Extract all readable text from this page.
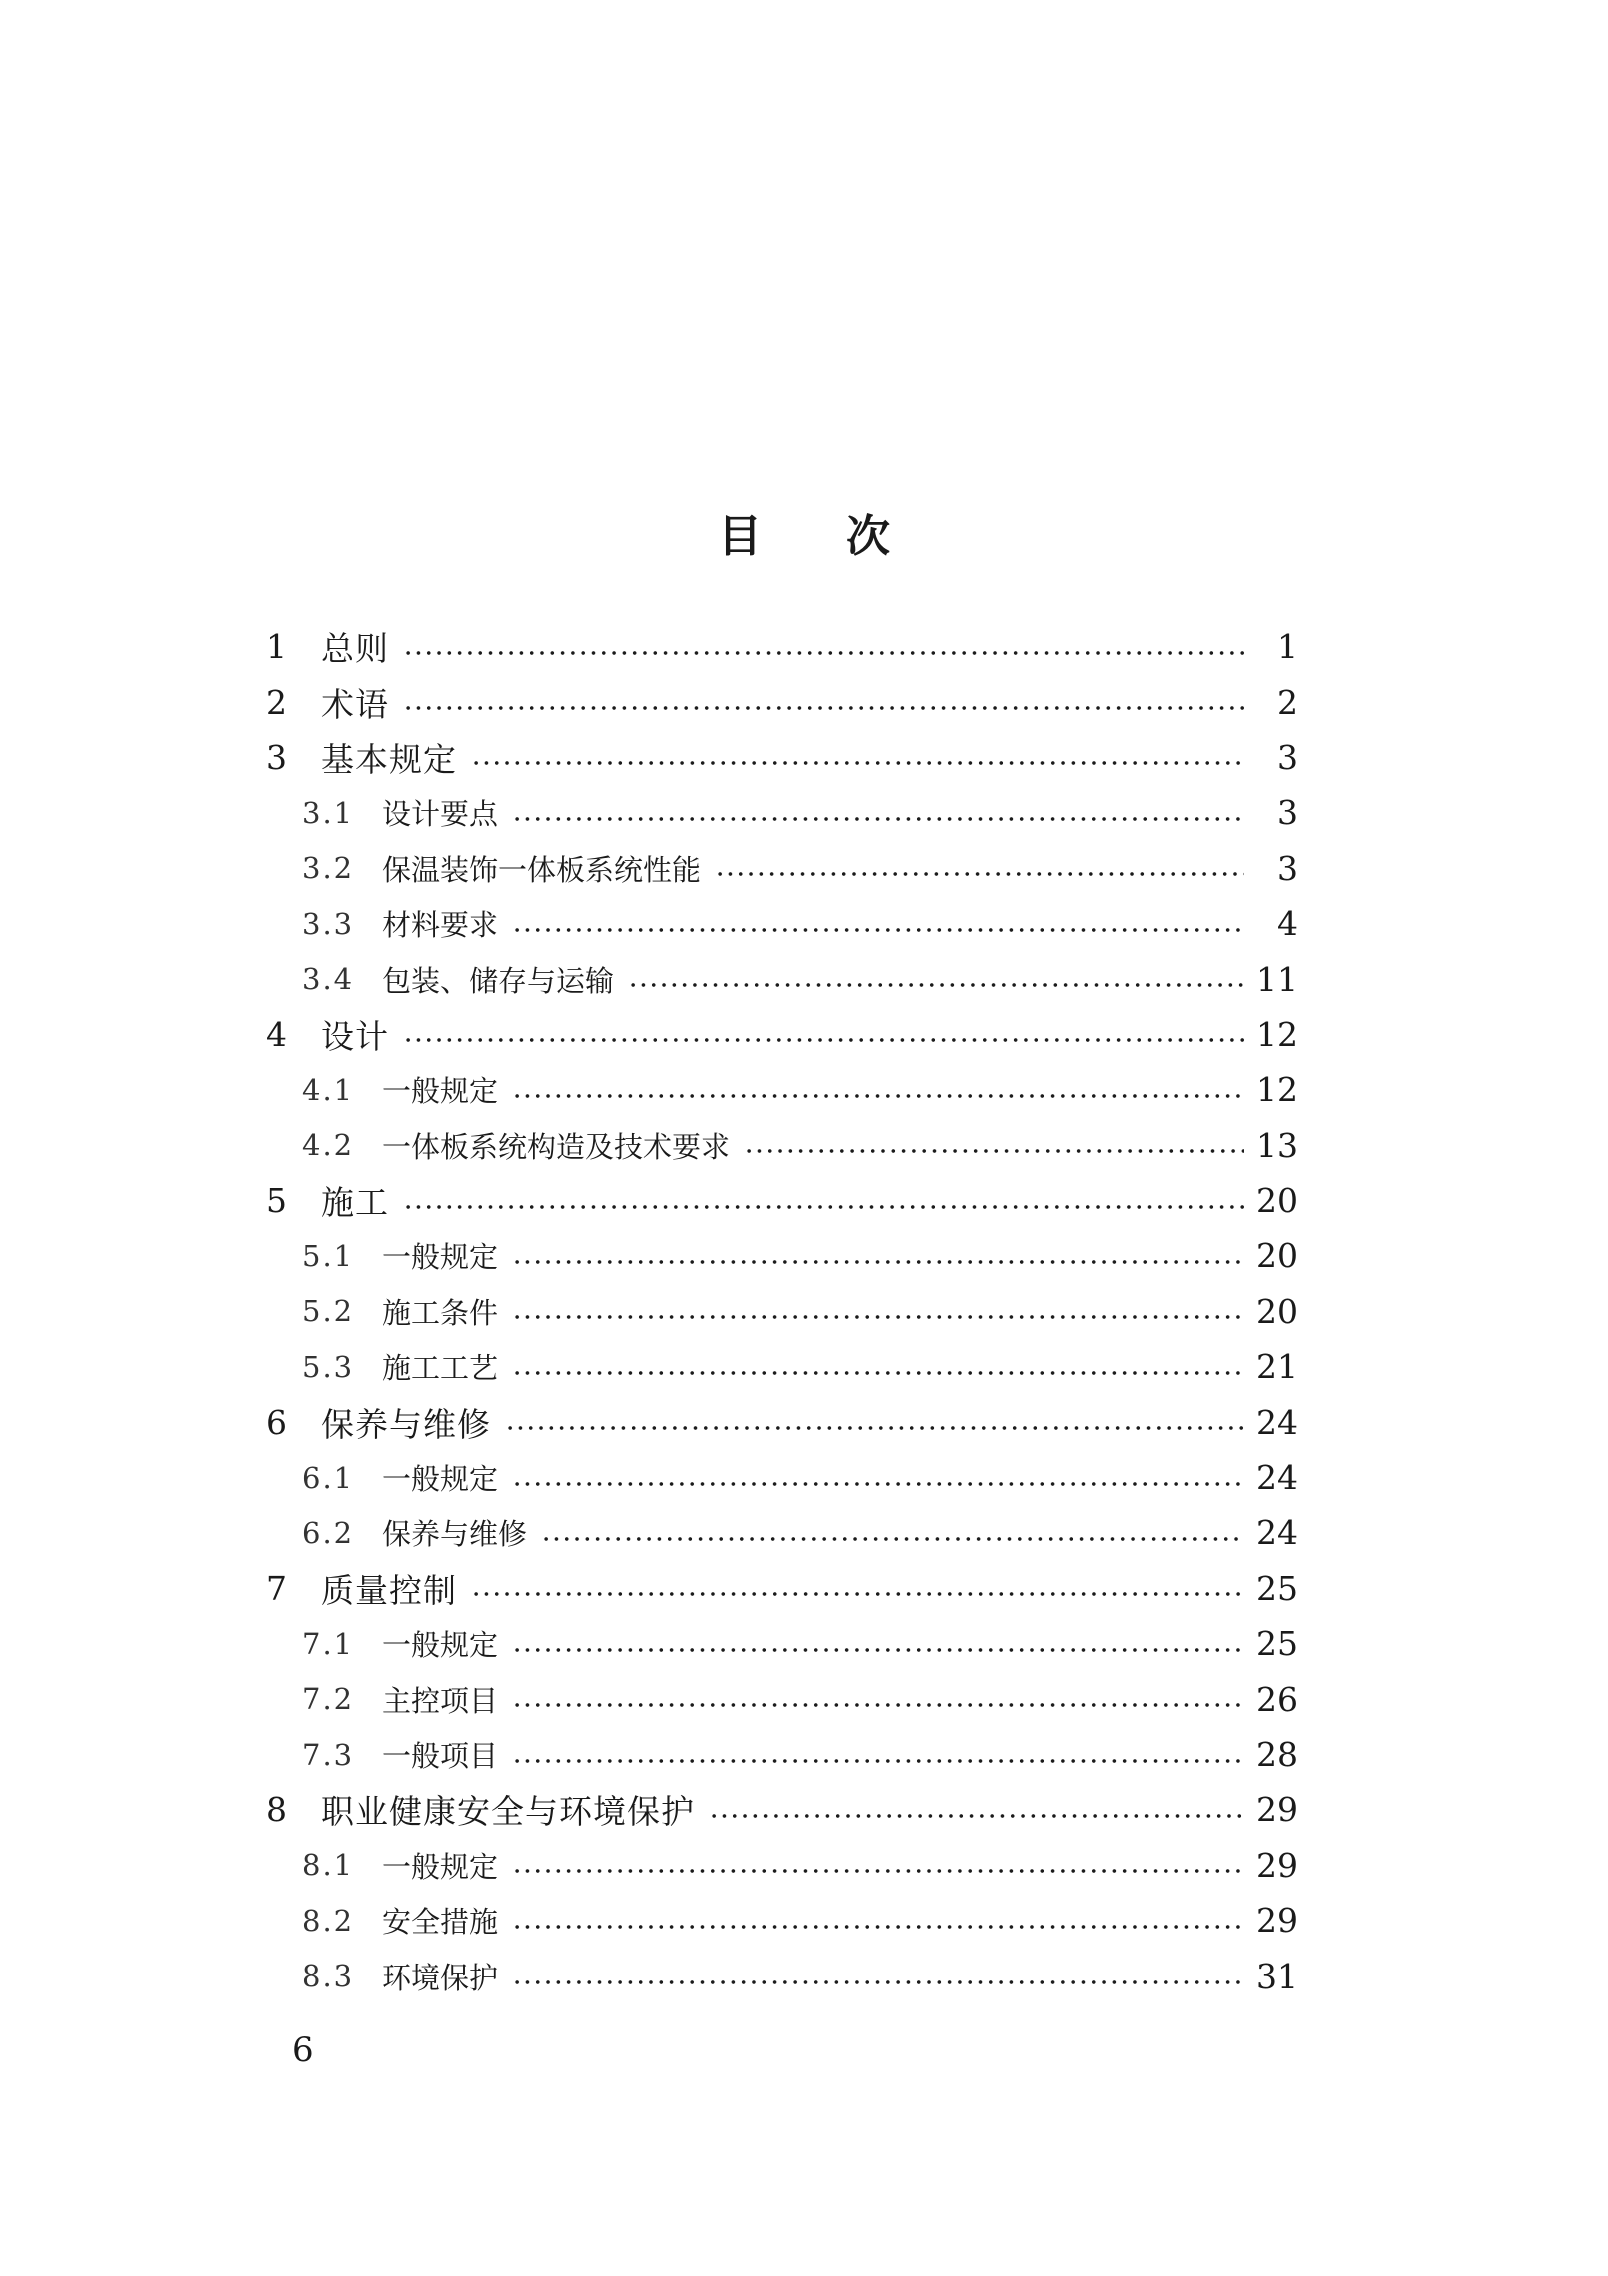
目次
1	总则	1
2	术语	2
3	基本规定	3
3.1 设计要点	3
3.2 保温装饰一体板系统性能	3
3.3 材料要求	4
3.4 包装、储存与运输	11
4	设计	12
4.1 一般规定	12
4.2 一体板系统构造及技术要求	13
5	施工	20
5.1 一般规定	20
5.2 施工条件	20
5.3 施工工艺	21
6	保养与维修	24
6.1 一般规定	24
6.2 保养与维修	24
7	质量控制	25
7.1 一般规定	25
7.2 主控项目	26
7.3 一般项目	28
8	职业健康安全与环境保护	29
8.1 一般规定	29
8.2 安全措施	29
8.3 环境保护	31
6
